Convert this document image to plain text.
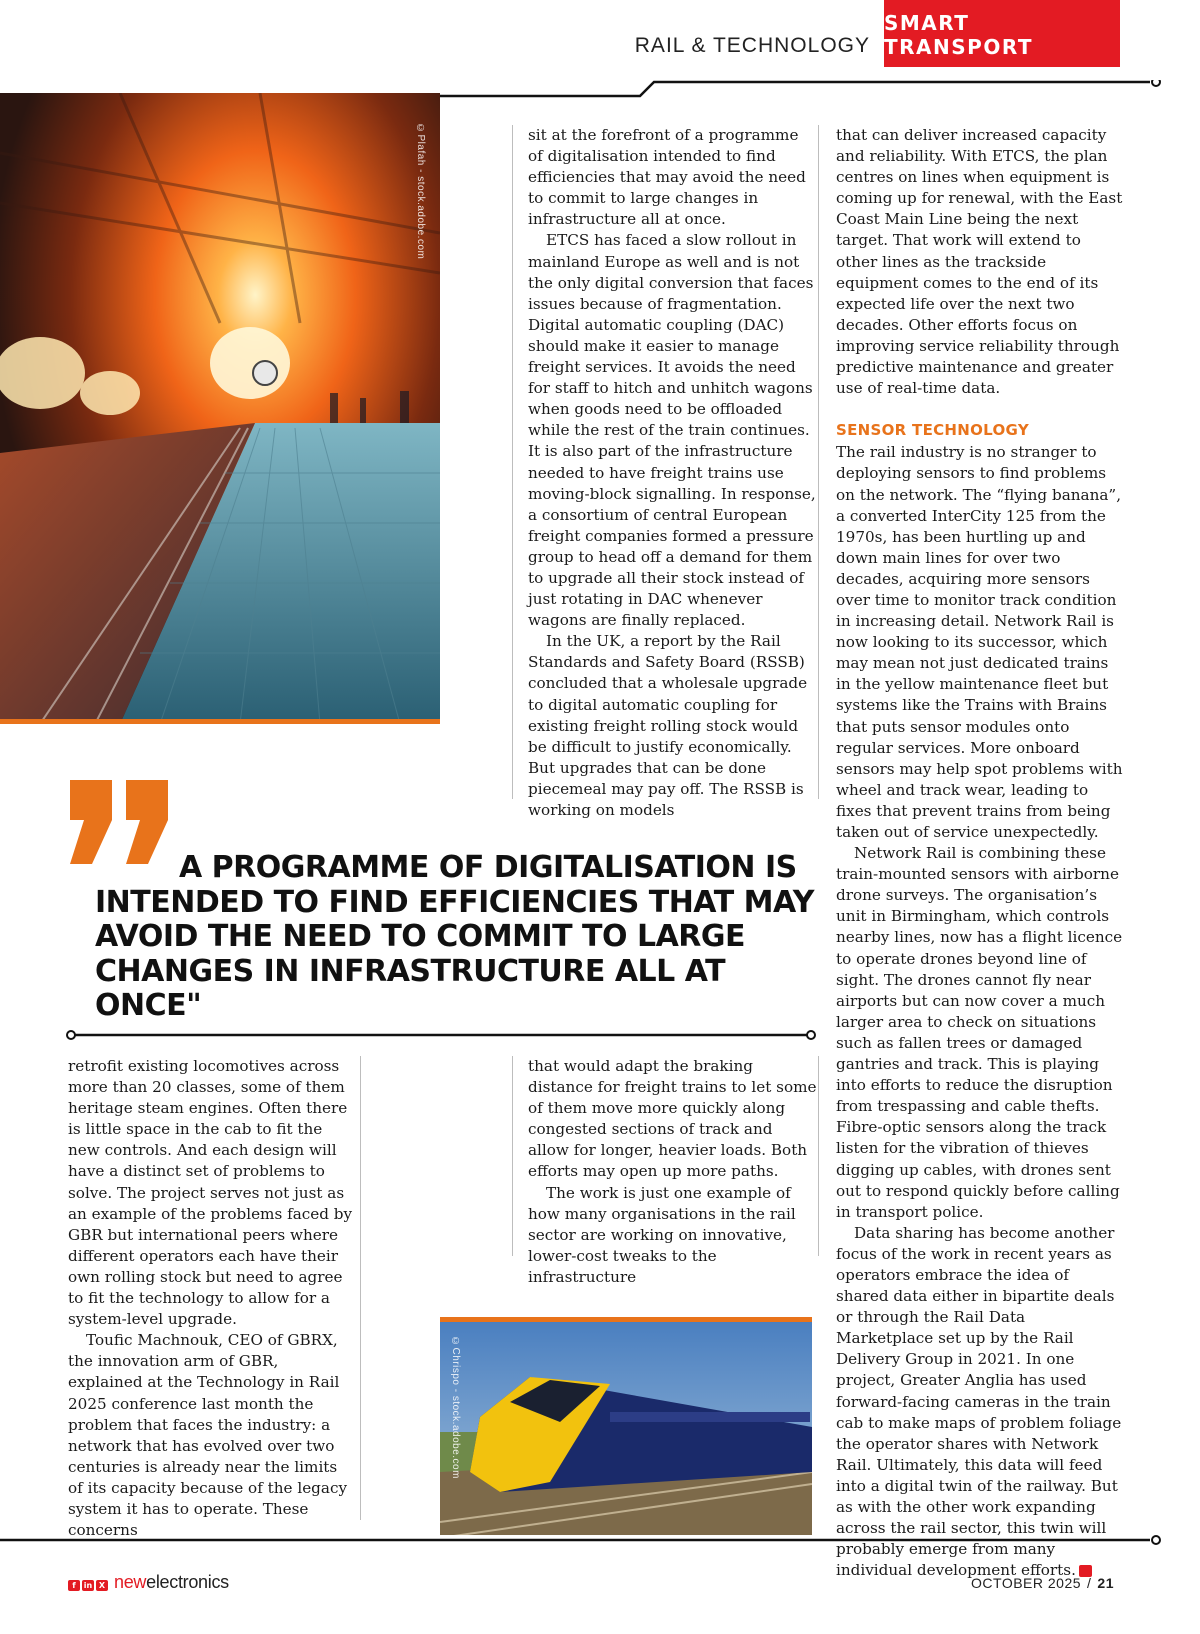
RAIL & TECHNOLOGY
SMART TRANSPORT
©Plafah - stock.adobe.com	sit at the forefront of a programme of digitalisation intended to find efficiencies that may avoid the need to commit to large changes in infrastructure all at once.

ETCS has faced a slow rollout in mainland Europe as well and is not the only digital conversion that faces issues because of fragmentation. Digital automatic coupling (DAC) should make it easier to manage freight services. It avoids the need for staff to hitch and unhitch wagons when goods need to be offloaded while the rest of the train continues. It is also part of the infrastructure needed to have freight trains use moving-block signalling. In response, a consortium of central European freight companies formed a pressure group to head off a demand for them to upgrade all their stock instead of just rotating in DAC whenever wagons are finally replaced.

In the UK, a report by the Rail Standards and Safety Board (RSSB) concluded that a wholesale upgrade to digital automatic coupling for existing freight rolling stock would be difficult to justify economically. But upgrades that can be done piecemeal may pay off. The RSSB is working on models

that can deliver increased capacity and reliability. With ETCS, the plan centres on lines when equipment is coming up for renewal, with the East Coast Main Line being the next target. That work will extend to other lines as the trackside equipment comes to the end of its expected life over the next two decades. Other efforts focus on improving service reliability through predictive maintenance and greater use of real-time data.

SENSOR TECHNOLOGY

The rail industry is no stranger to deploying sensors to find problems on the network. The “flying banana”, a converted InterCity 125 from the 1970s, has been hurtling up and down main lines for over two decades, acquiring more sensors over time to monitor track condition in increasing detail. Network Rail is now looking to its successor, which may mean not just dedicated trains in the yellow maintenance fleet but systems like the Trains with Brains that puts sensor modules onto regular services. More onboard sensors may help spot problems with wheel and track wear, leading to fixes that prevent trains from being taken out of service unexpectedly.

Network Rail is combining these train-mounted sensors with airborne drone surveys. The organisation’s unit in Birmingham, which controls nearby lines, now has a flight licence to operate drones beyond line of sight. The drones cannot fly near airports but can now cover a much larger area to check on situations such as fallen trees or damaged gantries and track. This is playing into efforts to reduce the disruption from trespassing and cable thefts. Fibre-optic sensors along the track listen for the vibration of thieves digging up cables, with drones sent out to respond quickly before calling in transport police.

Data sharing has become another focus of the work in recent years as operators embrace the idea of shared data either in bipartite deals or through the Rail Data Marketplace set up by the Rail Delivery Group in 2021. In one project, Greater Anglia has used forward-facing cameras in the train cab to make maps of problem foliage the operator shares with Network Rail. Ultimately, this data will feed into a digital twin of the railway. But as with the other work expanding across the rail sector, this twin will probably emerge from many individual development efforts.	NE

A PROGRAMME OF DIGITALISATION IS INTENDED TO FIND EFFICIENCIES THAT MAY AVOID THE NEED TO COMMIT TO LARGE CHANGES IN INFRASTRUCTURE ALL AT ONCE"

retrofit existing locomotives across more than 20 classes, some of them heritage steam engines. Often there is little space in the cab to fit the new controls. And each design will have a distinct set of problems to solve. The project serves not just as an example of the problems faced by GBR but international peers where different operators each have their own rolling stock but need to agree to fit the technology to allow for a system-level upgrade.

Toufic Machnouk, CEO of GBRX, the innovation arm of GBR, explained at the Technology in Rail 2025 conference last month the problem that faces the industry: a network that has evolved over two centuries is already near the limits of its capacity because of the legacy system it has to operate. These concerns

that would adapt the braking distance for freight trains to let some of them move more quickly along congested sections of track and allow for longer, heavier loads. Both efforts may open up more paths.

The work is just one example of how many organisations in the rail sector are working on innovative, lower-cost tweaks to the infrastructure

©Chrispo - stock.adobe.com
f	in X newelectronics	OCTOBER 2025 / 21
